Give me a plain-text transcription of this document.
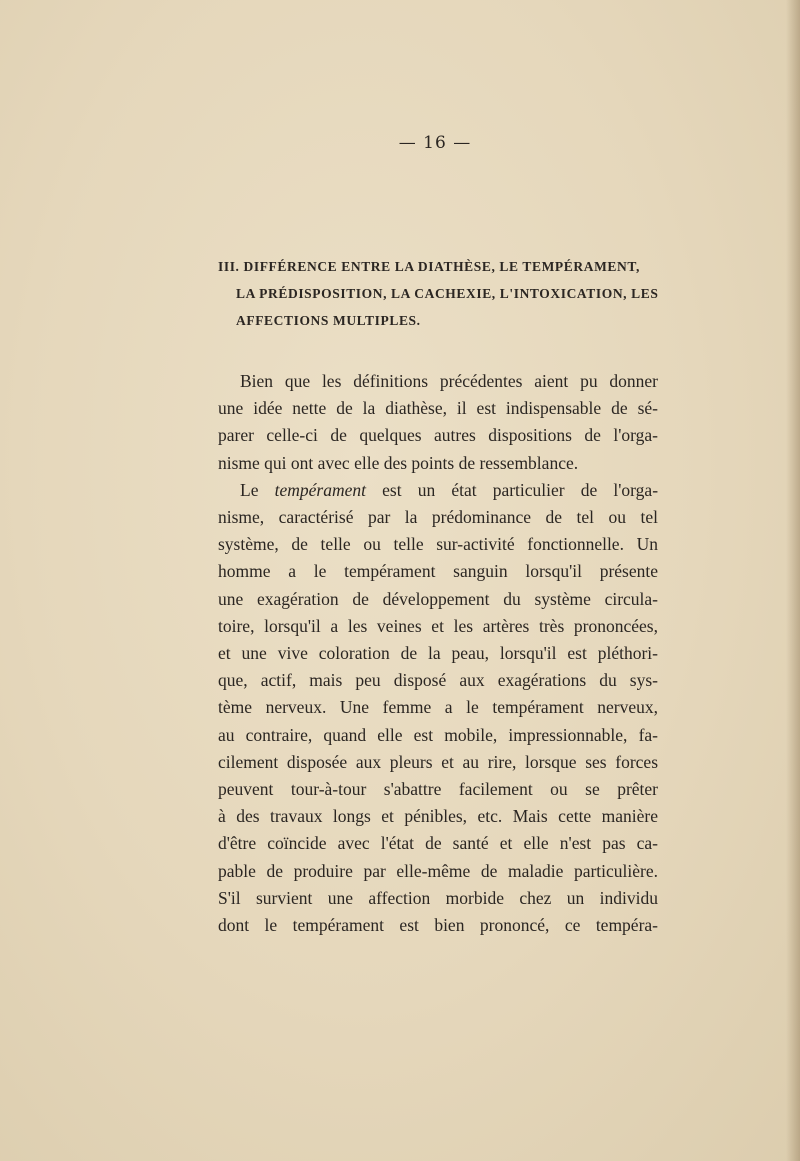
— 16 —
III. DIFFÉRENCE ENTRE LA DIATHÈSE, LE TEMPÉRAMENT,
LA PRÉDISPOSITION, LA CACHEXIE, L'INTOXICATION, LES
AFFECTIONS MULTIPLES.
Bien que les définitions précédentes aient pu donner
une idée nette de la diathèse, il est indispensable de sé-
parer celle-ci de quelques autres dispositions de l'orga-
nisme qui ont avec elle des points de ressemblance.
Le tempérament est un état particulier de l'orga-
nisme, caractérisé par la prédominance de tel ou tel
système, de telle ou telle sur-activité fonctionnelle. Un
homme a le tempérament sanguin lorsqu'il présente
une exagération de développement du système circula-
toire, lorsqu'il a les veines et les artères très prononcées,
et une vive coloration de la peau, lorsqu'il est pléthori-
que, actif, mais peu disposé aux exagérations du sys-
tème nerveux. Une femme a le tempérament nerveux,
au contraire, quand elle est mobile, impressionnable, fa-
cilement disposée aux pleurs et au rire, lorsque ses forces
peuvent tour-à-tour s'abattre facilement ou se prêter
à des travaux longs et pénibles, etc. Mais cette manière
d'être coïncide avec l'état de santé et elle n'est pas ca-
pable de produire par elle-même de maladie particulière.
S'il survient une affection morbide chez un individu
dont le tempérament est bien prononcé, ce tempéra-
